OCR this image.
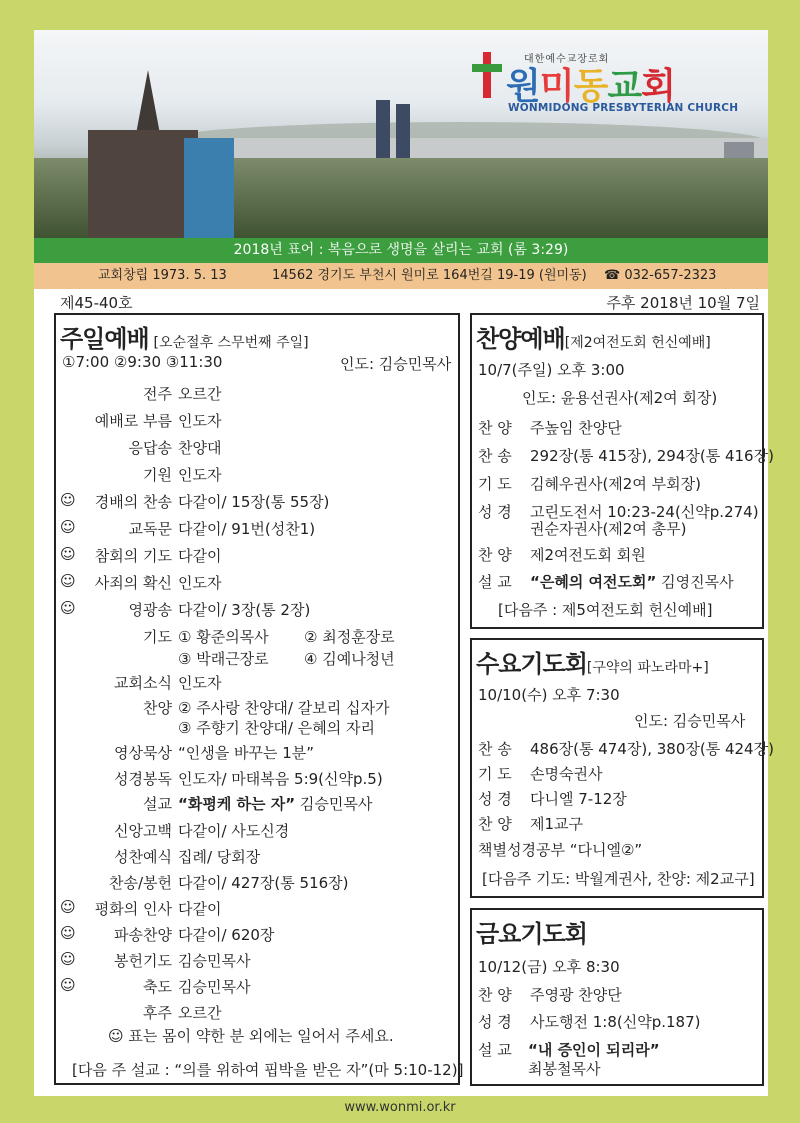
대한예수교장로회
원미동교회
WONMIDONG PRESBYTERIAN CHURCH
2018년 표어 : 복음으로 생명을 살리는 교회 (롬 3:29)
교회창립 1973. 5. 13	14562 경기도 부천시 원미로 164번길 19-19 (원미동) ☎ 032-657-2323
제45-40호	주후 2018년 10월 7일
주일예배 [오순절후 스무번째 주일]
①7:00 ②9:30 ③11:30	인도: 김승민목사
전주 오르간
예배로 부름 인도자
응답송 찬양대
기원 인도자
☺ 경배의 찬송 다같이/ 15장(통 55장)
☺	교독문 다같이/ 91번(성찬1)
☺ 참회의 기도 다같이
☺ 사죄의 확신 인도자
☺	영광송 다같이/ 3장(통 2장)
기도 ① 황준의목사 ② 최정훈장로
③ 박래근장로 ④ 김예나청년
교회소식 인도자
찬양 ② 주사랑 찬양대/ 갈보리 십자가
③ 주향기 찬양대/ 은혜의 자리
영상묵상 “인생을 바꾸는 1분”
성경봉독 인도자/ 마태복음 5:9(신약p.5)
설교 “화평케 하는 자” 김승민목사
신앙고백 다같이/ 사도신경
성찬예식 집례/ 당회장
찬송/봉헌 다같이/ 427장(통 516장)
☺ 평화의 인사 다같이
☺	파송찬양 다같이/ 620장
☺	봉헌기도 김승민목사
☺	축도 김승민목사
후주 오르간
☺ 표는 몸이 약한 분 외에는 일어서 주세요.
[다음 주 설교 : “의를 위하여 핍박을 받은 자”(마 5:10-12)]
찬양예배[제2여전도회 헌신예배]
10/7(주일) 오후 3:00
인도: 윤용선권사(제2여 회장)
찬 양 주높임 찬양단
찬 송 292장(통 415장), 294장(통 416장)
기 도 김혜우권사(제2여 부회장)
성 경 고린도전서 10:23-24(신약p.274)
권순자권사(제2여 총무)
찬 양 제2여전도회 회원
설 교 “은혜의 여전도회” 김영진목사
[다음주 : 제5여전도회 헌신예배]
수요기도회[구약의 파노라마+]
10/10(수) 오후 7:30
인도: 김승민목사
찬 송 486장(통 474장), 380장(통 424장)
기 도 손명숙권사
성 경 다니엘 7-12장
찬 양 제1교구
책별성경공부 “다니엘②”
[다음주 기도: 박월계권사, 찬양: 제2교구]
금요기도회
10/12(금) 오후 8:30
찬 양 주영광 찬양단
성 경 사도행전 1:8(신약p.187)
설 교 “내 증인이 되리라”
최봉철목사
www.wonmi.or.kr
